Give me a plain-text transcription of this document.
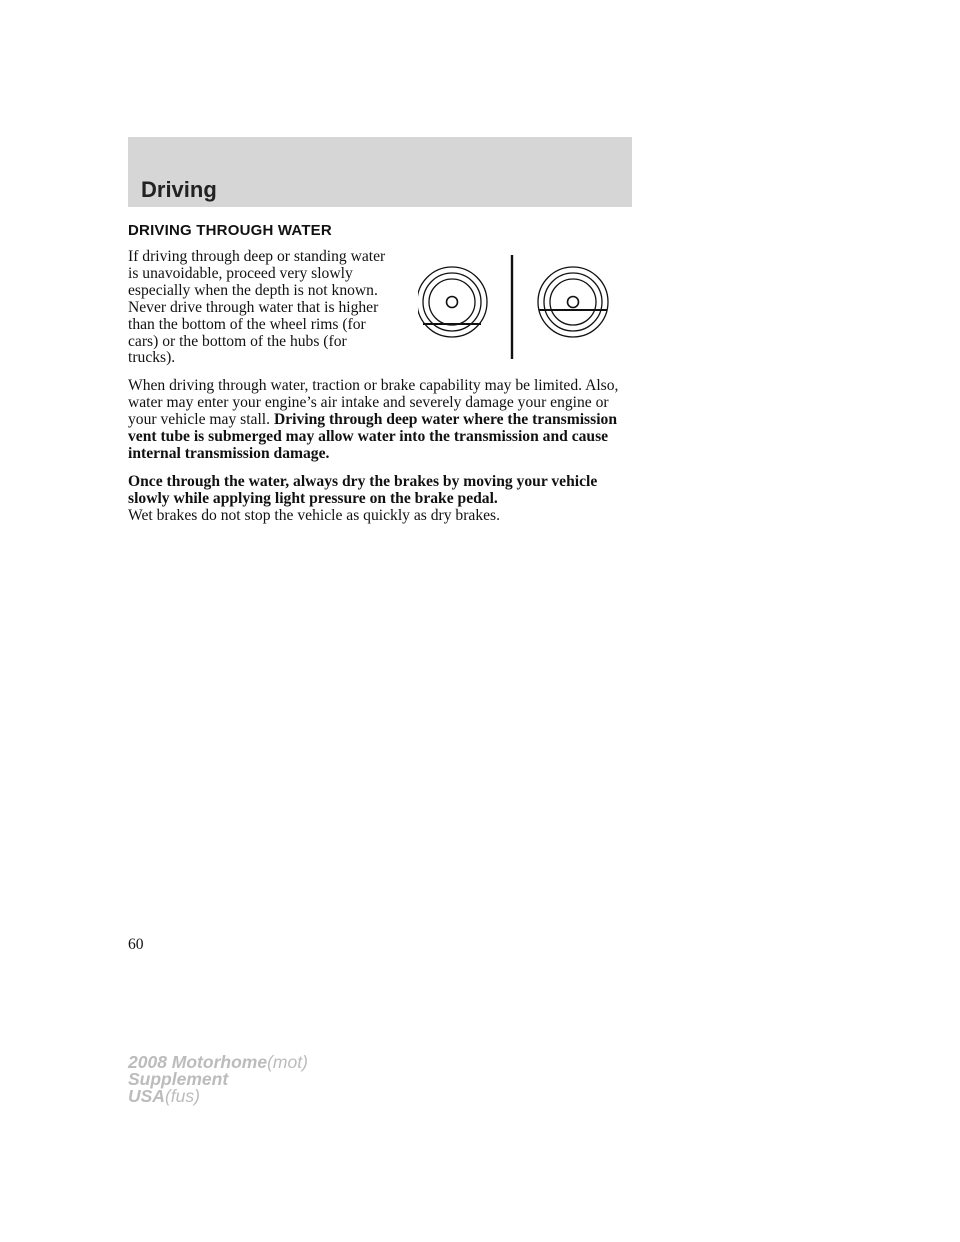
Driving
DRIVING THROUGH WATER

If driving through deep or standing water is unavoidable, proceed very slowly especially when the depth is not known. Never drive through water that is higher than the bottom of the wheel rims (for cars) or the bottom of the hubs (for trucks).

When driving through water, traction or brake capability may be limited. Also, water may enter your engine’s air intake and severely damage your engine or your vehicle may stall. Driving through deep water where the transmission vent tube is submerged may allow water into the transmission and cause internal transmission damage.

Once through the water, always dry the brakes by moving your vehicle slowly while applying light pressure on the brake pedal.
Wet brakes do not stop the vehicle as quickly as dry brakes.

60
2008 Motorhome(mot)
Supplement
USA(fus)
